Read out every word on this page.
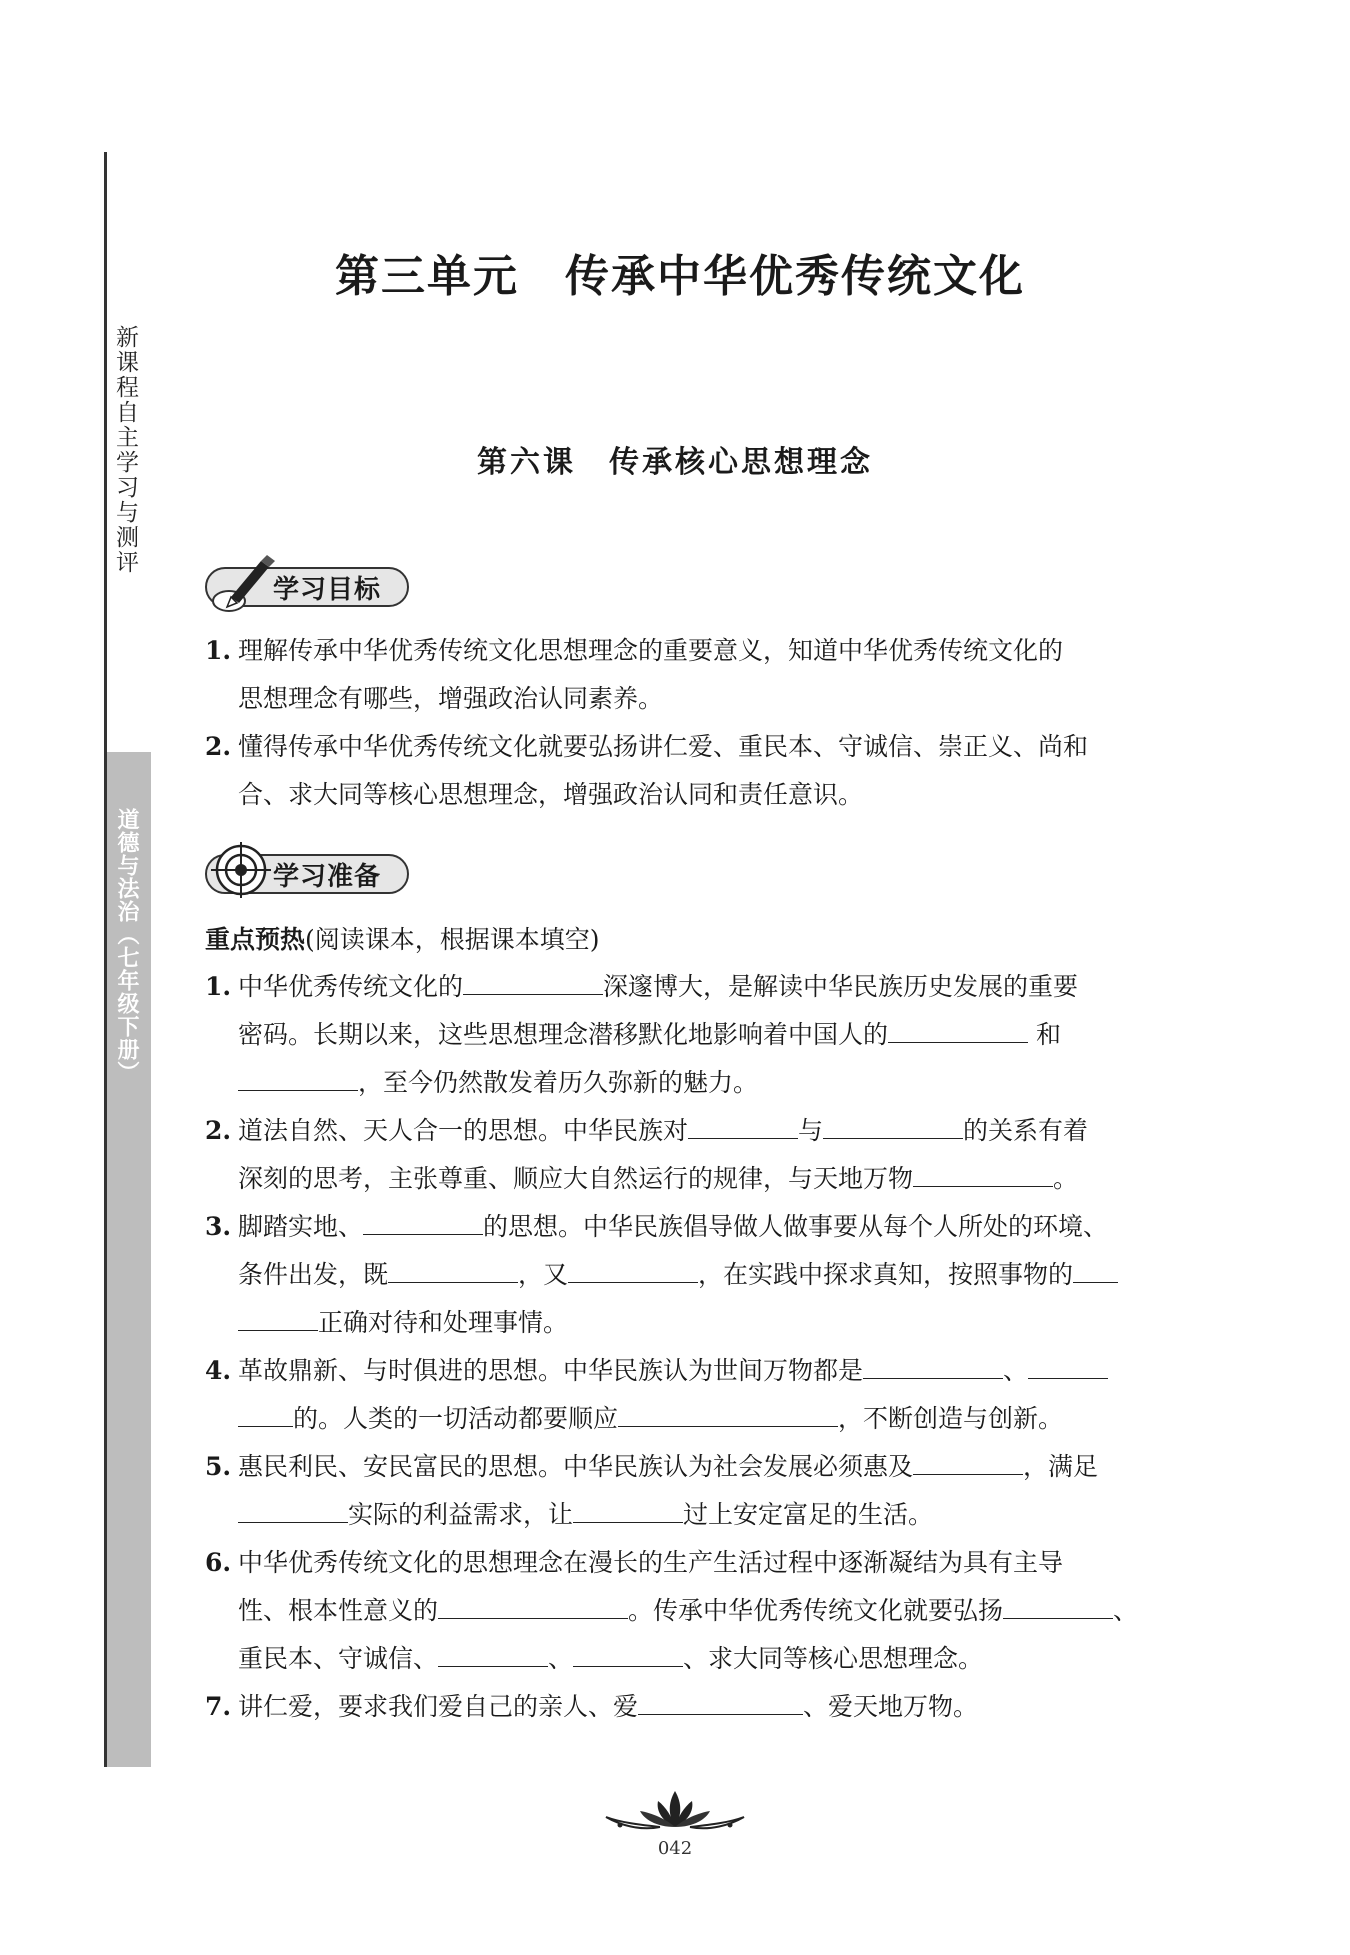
新课程自主学习与测评
道德与法治（七年级下册）
第三单元　传承中华优秀传统文化
第六课　传承核心思想理念
学习目标
1. 理解传承中华优秀传统文化思想理念的重要意义，知道中华优秀传统文化的
思想理念有哪些，增强政治认同素养。
2. 懂得传承中华优秀传统文化就要弘扬讲仁爱、重民本、守诚信、崇正义、尚和
合、求大同等核心思想理念，增强政治认同和责任意识。
学习准备
重点预热(阅读课本，根据课本填空)
1. 中华优秀传统文化的	深邃博大，是解读中华民族历史发展的重要
密码。长期以来，这些思想理念潜移默化地影响着中国人的	和
，至今仍然散发着历久弥新的魅力。
2. 道法自然、天人合一的思想。中华民族对	与	的关系有着
深刻的思考，主张尊重、顺应大自然运行的规律，与天地万物	。
3. 脚踏实地、	的思想。中华民族倡导做人做事要从每个人所处的环境、
条件出发，既	，又	，在实践中探求真知，按照事物的
正确对待和处理事情。
4. 革故鼎新、与时俱进的思想。中华民族认为世间万物都是	、
的。人类的一切活动都要顺应	，不断创造与创新。
5. 惠民利民、安民富民的思想。中华民族认为社会发展必须惠及	，满足
实际的利益需求，让	过上安定富足的生活。
6. 中华优秀传统文化的思想理念在漫长的生产生活过程中逐渐凝结为具有主导
性、根本性意义的	。传承中华优秀传统文化就要弘扬	、
重民本、守诚信、	、	、求大同等核心思想理念。
7. 讲仁爱，要求我们爱自己的亲人、爱	、爱天地万物。
042
